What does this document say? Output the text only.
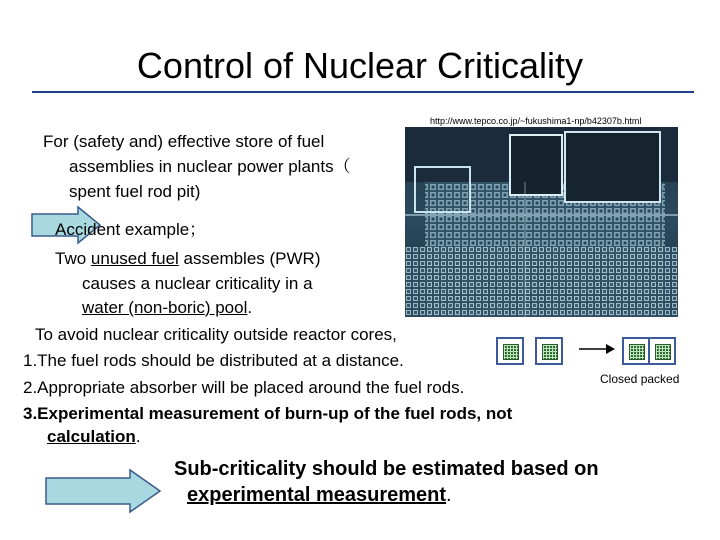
Control of Nuclear Criticality
http://www.tepco.co.jp/~fukushima1-np/b42307b.html
For (safety and) effective store of fuel
assemblies in nuclear power plants（
spent fuel rod pit)
Accident example；
Two unused fuel assembles (PWR)
causes a nuclear criticality in a
water (non-boric) pool.
To avoid nuclear criticality outside reactor cores,
1.The fuel rods should be distributed at a distance.
2.Appropriate absorber will be placed around the fuel rods.
3.Experimental measurement of burn-up of the fuel rods, not
calculation.
Closed packed
Sub-criticality should be estimated based on
experimental measurement.
